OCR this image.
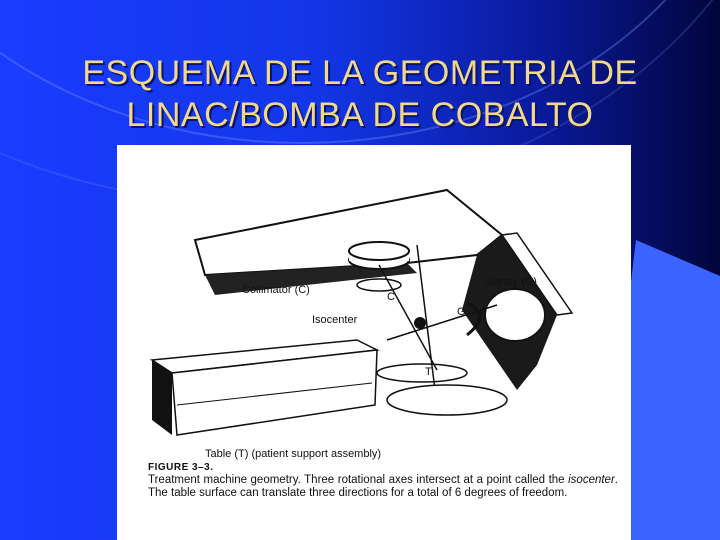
ESQUEMA DE LA GEOMETRIA DE
LINAC/BOMBA DE COBALTO
Collimator (C)
C
Gantry (G)
G
Isocenter
T
Table (T) (patient support assembly)
FIGURE 3–3.
Treatment machine geometry. Three rotational axes intersect at a point called the isocenter. The table surface can translate three directions for a total of 6 degrees of freedom.
